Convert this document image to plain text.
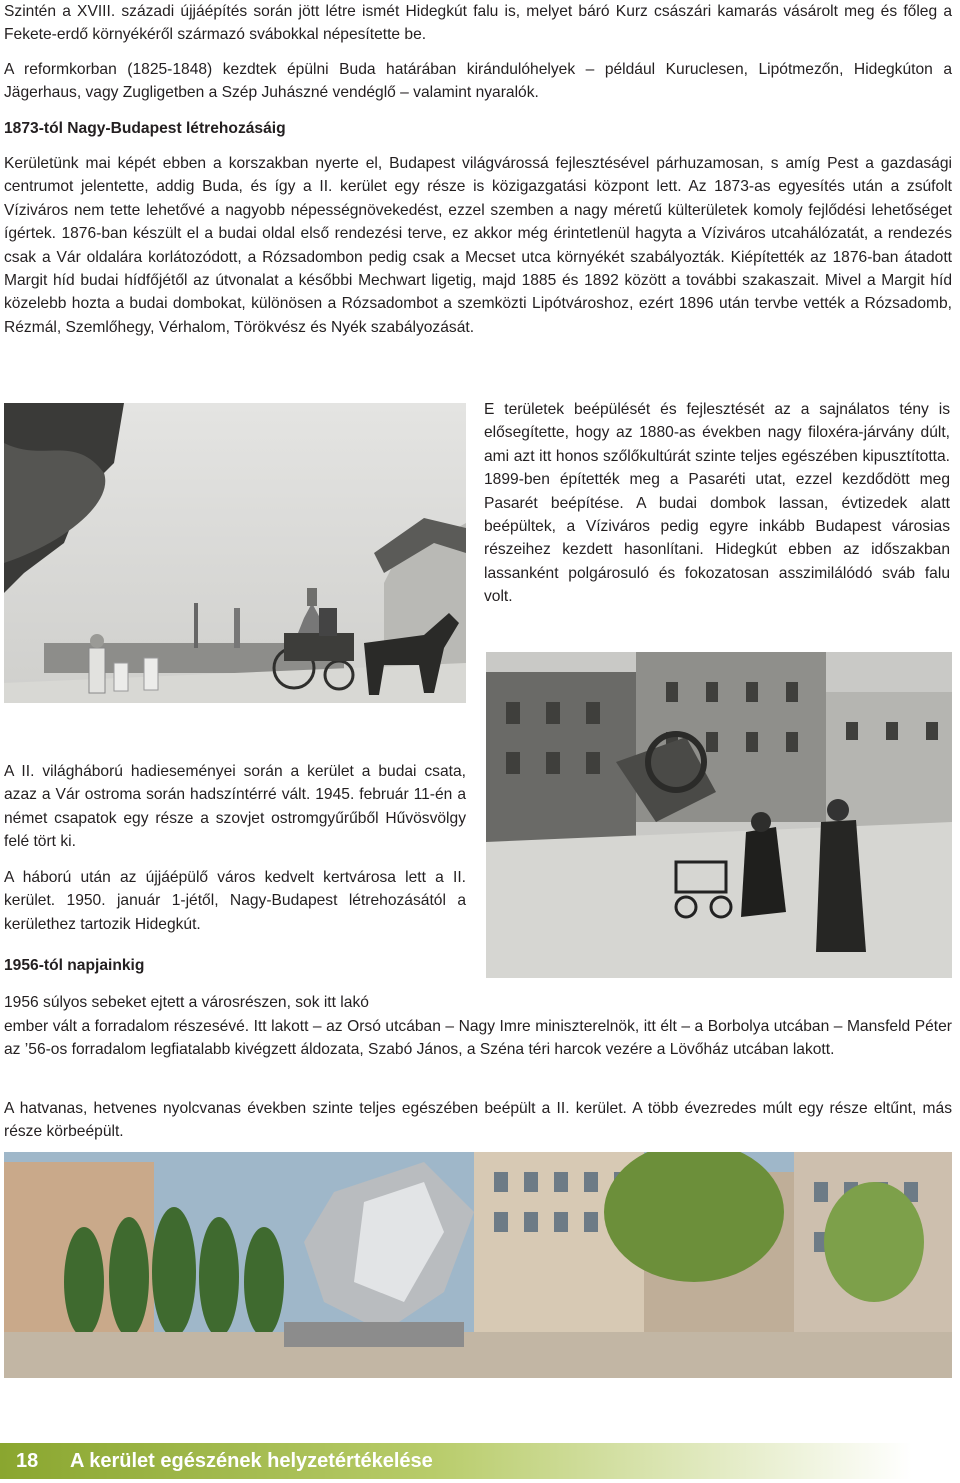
Szintén a XVIII. századi újjáépítés során jött létre ismét Hidegkút falu is, melyet báró Kurz császári kamarás vásárolt meg és főleg a Fekete-erdő környékéről származó svábokkal népesítette be.

A reformkorban (1825-1848) kezdtek épülni Buda határában kirándulóhelyek – például Kuruclesen, Lipótmezőn, Hidegkúton a Jägerhaus, vagy Zugligetben a Szép Juhászné vendéglő – valamint nyaralók.

1873-tól Nagy-Budapest létrehozásáig

Kerületünk mai képét ebben a korszakban nyerte el, Budapest világvárossá fejlesztésével párhuzamosan, s amíg Pest a gazdasági centrumot jelentette, addig Buda, és így a II. kerület egy része is közigazgatási központ lett. Az 1873-as egyesítés után a zsúfolt Víziváros nem tette lehetővé a nagyobb népességnövekedést, ezzel szemben a nagy méretű külterületek komoly fejlődési lehetőséget ígértek. 1876-ban készült el a budai oldal első rendezési terve, ez akkor még érintetlenül hagyta a Víziváros utcahálózatát, a rendezés csak a Vár oldalára korlátozódott, a Rózsadombon pedig csak a Mecset utca környékét szabályozták. Kiépítették az 1876-ban átadott Margit híd budai hídfőjétől az útvonalat a későbbi Mechwart ligetig, majd 1885 és 1892 között a további szakaszait. Mivel a Margit híd közelebb hozta a budai dombokat, különösen a Rózsadombot a szemközti Lipótvároshoz, ezért 1896 után tervbe vették a Rózsadomb, Rézmál, Szemlőhegy, Vérhalom, Törökvész és Nyék szabályozását.

E területek beépülését és fejlesztését az a sajnálatos tény is elősegítette, hogy az 1880-as években nagy filoxéra-járvány dúlt, ami azt itt honos szőlőkultúrát szinte teljes egészében kipusztította. 1899-ben építették meg a Pasaréti utat, ezzel kezdődött meg Pasarét beépítése. A budai dombok lassan, évtizedek alatt beépültek, a Víziváros pedig egyre inkább Budapest városias részeihez kezdett hasonlítani. Hidegkút ebben az időszakban lassanként polgárosuló és fokozatosan asszimilálódó sváb falu volt.

A II. világháború hadieseményei során a kerület a budai csata, azaz a Vár ostroma során hadszíntérré vált. 1945. február 11-én a német csapatok egy része a szovjet ostromgyűrűből Hűvösvölgy felé tört ki.

A háború után az újjáépülő város kedvelt kertvárosa lett a II. kerület. 1950. január 1-jétől, Nagy-Budapest létrehozásától a kerülethez tartozik Hidegkút.

1956-tól napjainkig

1956 súlyos sebeket ejtett a városrészen, sok itt lakó

ember vált a forradalom részesévé. Itt lakott – az Orsó utcában – Nagy Imre miniszterelnök, itt élt – a Borbolya utcában – Mansfeld Péter az ’56-os forradalom legfiatalabb kivégzett áldozata, Szabó János, a Széna téri harcok vezére a Lövőház utcában lakott.

A hatvanas, hetvenes nyolcvanas években szinte teljes egészében beépült a II. kerület. A több évezredes múlt egy része eltűnt, más része körbeépült.

18 A kerület egészének helyzetértékelése
